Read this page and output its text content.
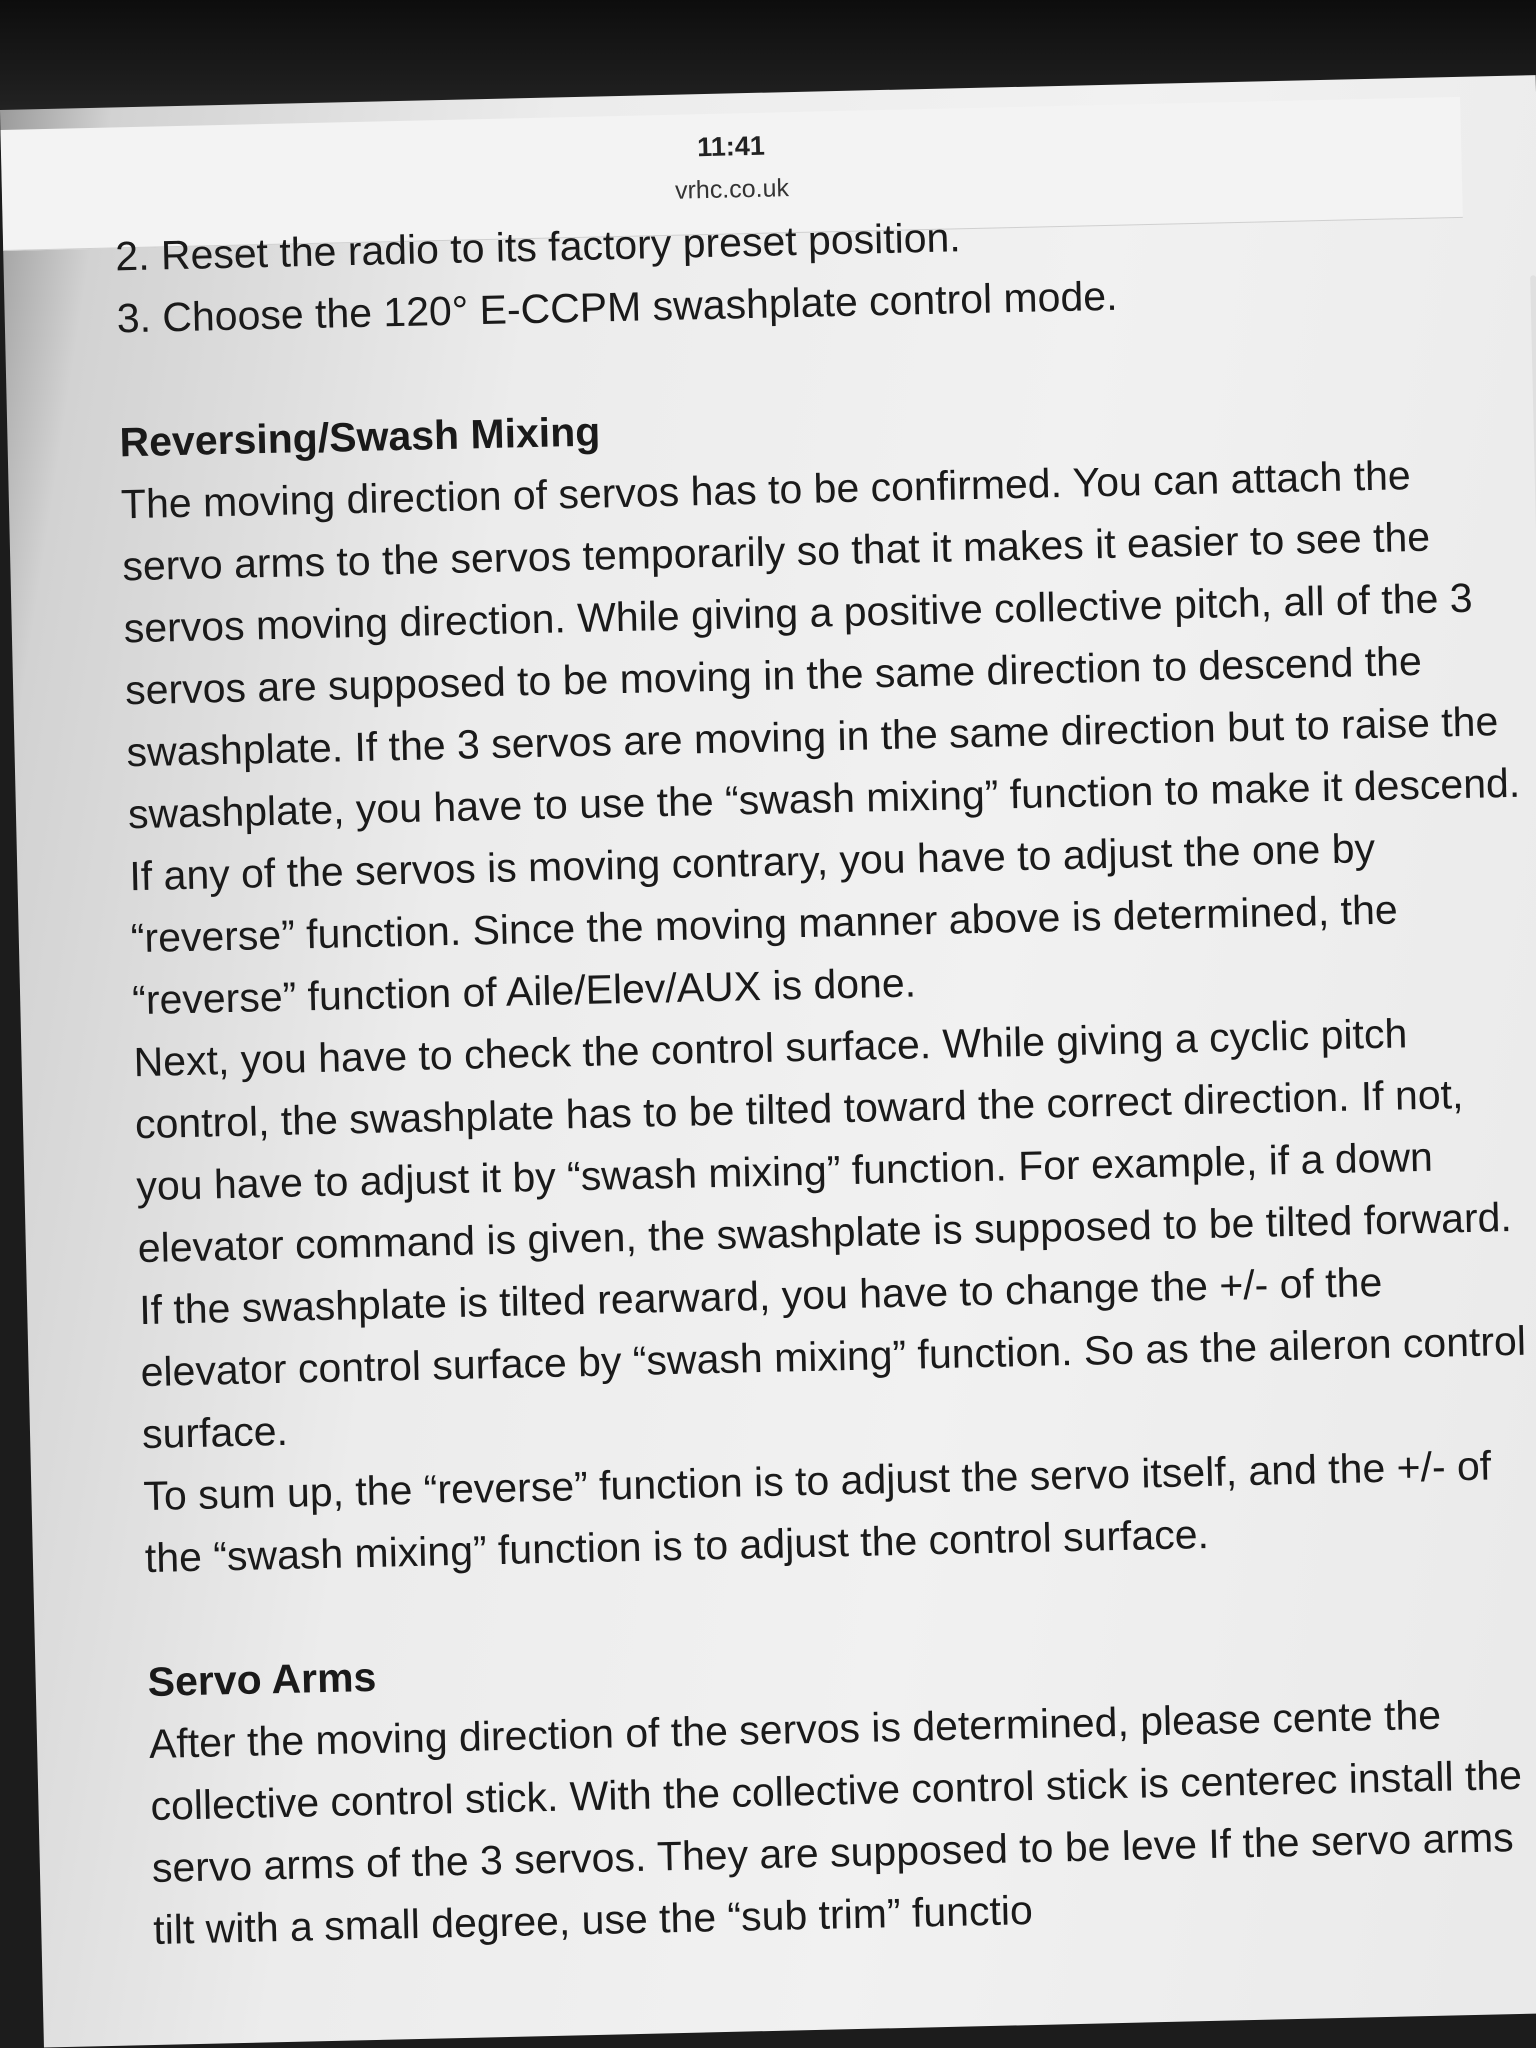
11:41
vrhc.co.uk

2. Reset the radio to its factory preset position.

3. Choose the 120° E-CCPM swashplate control mode.

Reversing/Swash Mixing

The moving direction of servos has to be confirmed. You can attach the servo arms to the servos temporarily so that it makes it easier to see the servos moving direction. While giving a positive collective pitch, all of the 3 servos are supposed to be moving in the same direction to descend the swashplate. If the 3 servos are moving in the same direction but to raise the swashplate, you have to use the “swash mixing” function to make it descend. If any of the servos is moving contrary, you have to adjust the one by “reverse” function. Since the moving manner above is determined, the “reverse” function of Aile/Elev/AUX is done.

Next, you have to check the control surface. While giving a cyclic pitch control, the swashplate has to be tilted toward the correct direction. If not, you have to adjust it by “swash mixing” function. For example, if a down elevator command is given, the swashplate is supposed to be tilted forward. If the swashplate is tilted rearward, you have to change the +/- of the elevator control surface by “swash mixing” function. So as the aileron control surface.

To sum up, the “reverse” function is to adjust the servo itself, and the +/- of the “swash mixing” function is to adjust the control surface.

Servo Arms

After the moving direction of the servos is determined, please cente the collective control stick. With the collective control stick is centerec install the servo arms of the 3 servos. They are supposed to be leve If the servo arms tilt with a small degree, use the “sub trim” functio
